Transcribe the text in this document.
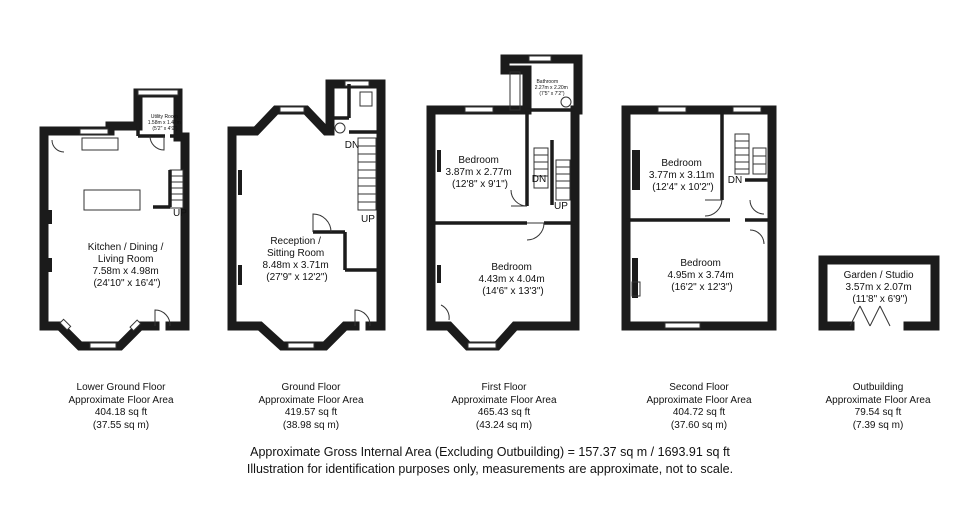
Kitchen / Dining / Living Room 7.58m x 4.98m (24'10" x 16'4")
Utility Room 1.58m x 1.47m (5'2" x 4'9")
UP
Reception / Sitting Room 8.48m x 3.71m (27'9" x 12'2")
DN
UP
Bedroom 3.87m x 2.77m (12'8" x 9'1")
Bedroom 4.43m x 4.04m (14'6" x 13'3")
Bathroom 2.27m x 2.20m (7'5" x 7'2")
DN
UP
Bedroom 3.77m x 3.11m (12'4" x 10'2")
Bedroom 4.95m x 3.74m (16'2" x 12'3")
DN
Garden / Studio 3.57m x 2.07m (11'8" x 6'9")
Lower Ground Floor
Approximate Floor Area
404.18 sq ft
(37.55 sq m)
Ground Floor
Approximate Floor Area
419.57 sq ft
(38.98 sq m)
First Floor
Approximate Floor Area
465.43 sq ft
(43.24 sq m)
Second Floor
Approximate Floor Area
404.72 sq ft
(37.60 sq m)
Outbuilding
Approximate Floor Area
79.54 sq ft
(7.39 sq m)
Approximate Gross Internal Area (Excluding Outbuilding) = 157.37 sq m / 1693.91 sq ft
Illustration for identification purposes only, measurements are approximate, not to scale.
